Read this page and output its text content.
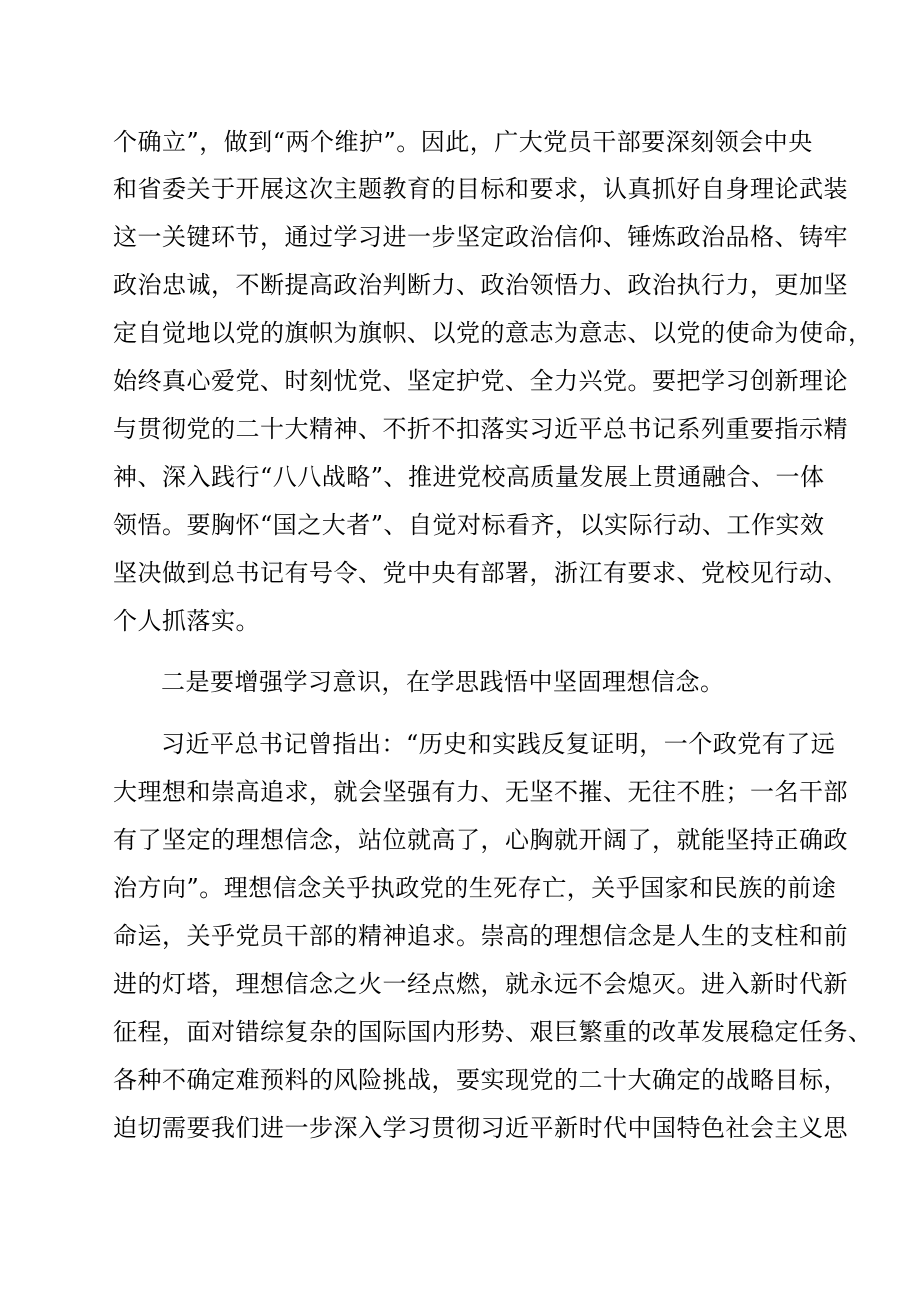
个确立”，做到“两个维护”。因此，广大党员干部要深刻领会中央
和省委关于开展这次主题教育的目标和要求，认真抓好自身理论武装
这一关键环节，通过学习进一步坚定政治信仰、锤炼政治品格、铸牢
政治忠诚，不断提高政治判断力、政治领悟力、政治执行力，更加坚
定自觉地以党的旗帜为旗帜、以党的意志为意志、以党的使命为使命，
始终真心爱党、时刻忧党、坚定护党、全力兴党。要把学习创新理论
与贯彻党的二十大精神、不折不扣落实习近平总书记系列重要指示精
神、深入践行“八八战略”、推进党校高质量发展上贯通融合、一体
领悟。要胸怀“国之大者”、自觉对标看齐，以实际行动、工作实效
坚决做到总书记有号令、党中央有部署，浙江有要求、党校见行动、
个人抓落实。
二是要增强学习意识，在学思践悟中坚固理想信念。
习近平总书记曾指出：“历史和实践反复证明，一个政党有了远
大理想和崇高追求，就会坚强有力、无坚不摧、无往不胜；一名干部
有了坚定的理想信念，站位就高了，心胸就开阔了，就能坚持正确政
治方向”。理想信念关乎执政党的生死存亡，关乎国家和民族的前途
命运，关乎党员干部的精神追求。崇高的理想信念是人生的支柱和前
进的灯塔，理想信念之火一经点燃，就永远不会熄灭。进入新时代新
征程，面对错综复杂的国际国内形势、艰巨繁重的改革发展稳定任务、
各种不确定难预料的风险挑战，要实现党的二十大确定的战略目标，
迫切需要我们进一步深入学习贯彻习近平新时代中国特色社会主义思
